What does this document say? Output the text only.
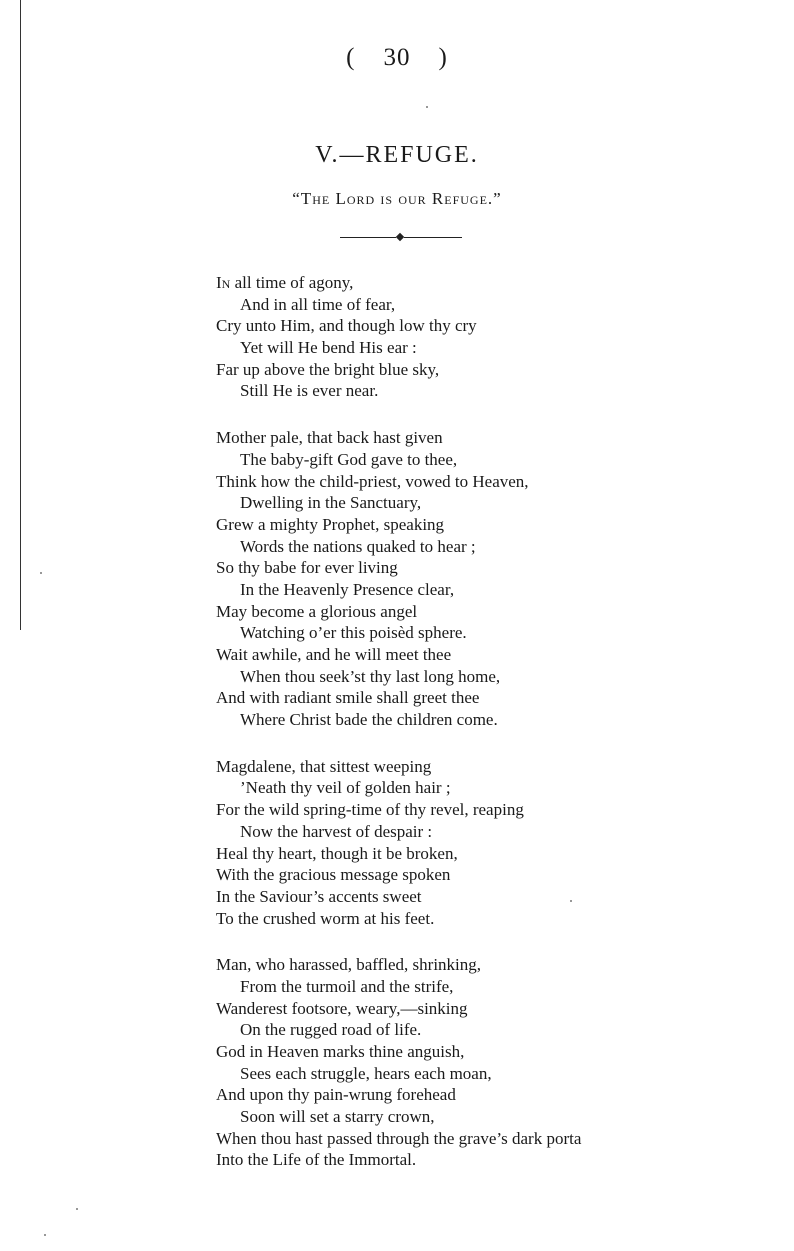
( 30 )
V.—REFUGE.
“The Lord is our Refuge.”
In all time of agony,
And in all time of fear,
Cry unto Him, and though low thy cry
Yet will He bend His ear :
Far up above the bright blue sky,
Still He is ever near.
Mother pale, that back hast given
The baby-gift God gave to thee,
Think how the child-priest, vowed to Heaven,
Dwelling in the Sanctuary,
Grew a mighty Prophet, speaking
Words the nations quaked to hear ;
So thy babe for ever living
In the Heavenly Presence clear,
May become a glorious angel
Watching o’er this poisèd sphere.
Wait awhile, and he will meet thee
When thou seek’st thy last long home,
And with radiant smile shall greet thee
Where Christ bade the children come.
Magdalene, that sittest weeping
’Neath thy veil of golden hair ;
For the wild spring-time of thy revel, reaping
Now the harvest of despair :
Heal thy heart, though it be broken,
With the gracious message spoken
In the Saviour’s accents sweet
To the crushed worm at his feet.
Man, who harassed, baffled, shrinking,
From the turmoil and the strife,
Wanderest footsore, weary,—sinking
On the rugged road of life.
God in Heaven marks thine anguish,
Sees each struggle, hears each moan,
And upon thy pain-wrung forehead
Soon will set a starry crown,
When thou hast passed through the grave’s dark porta
Into the Life of the Immortal.
